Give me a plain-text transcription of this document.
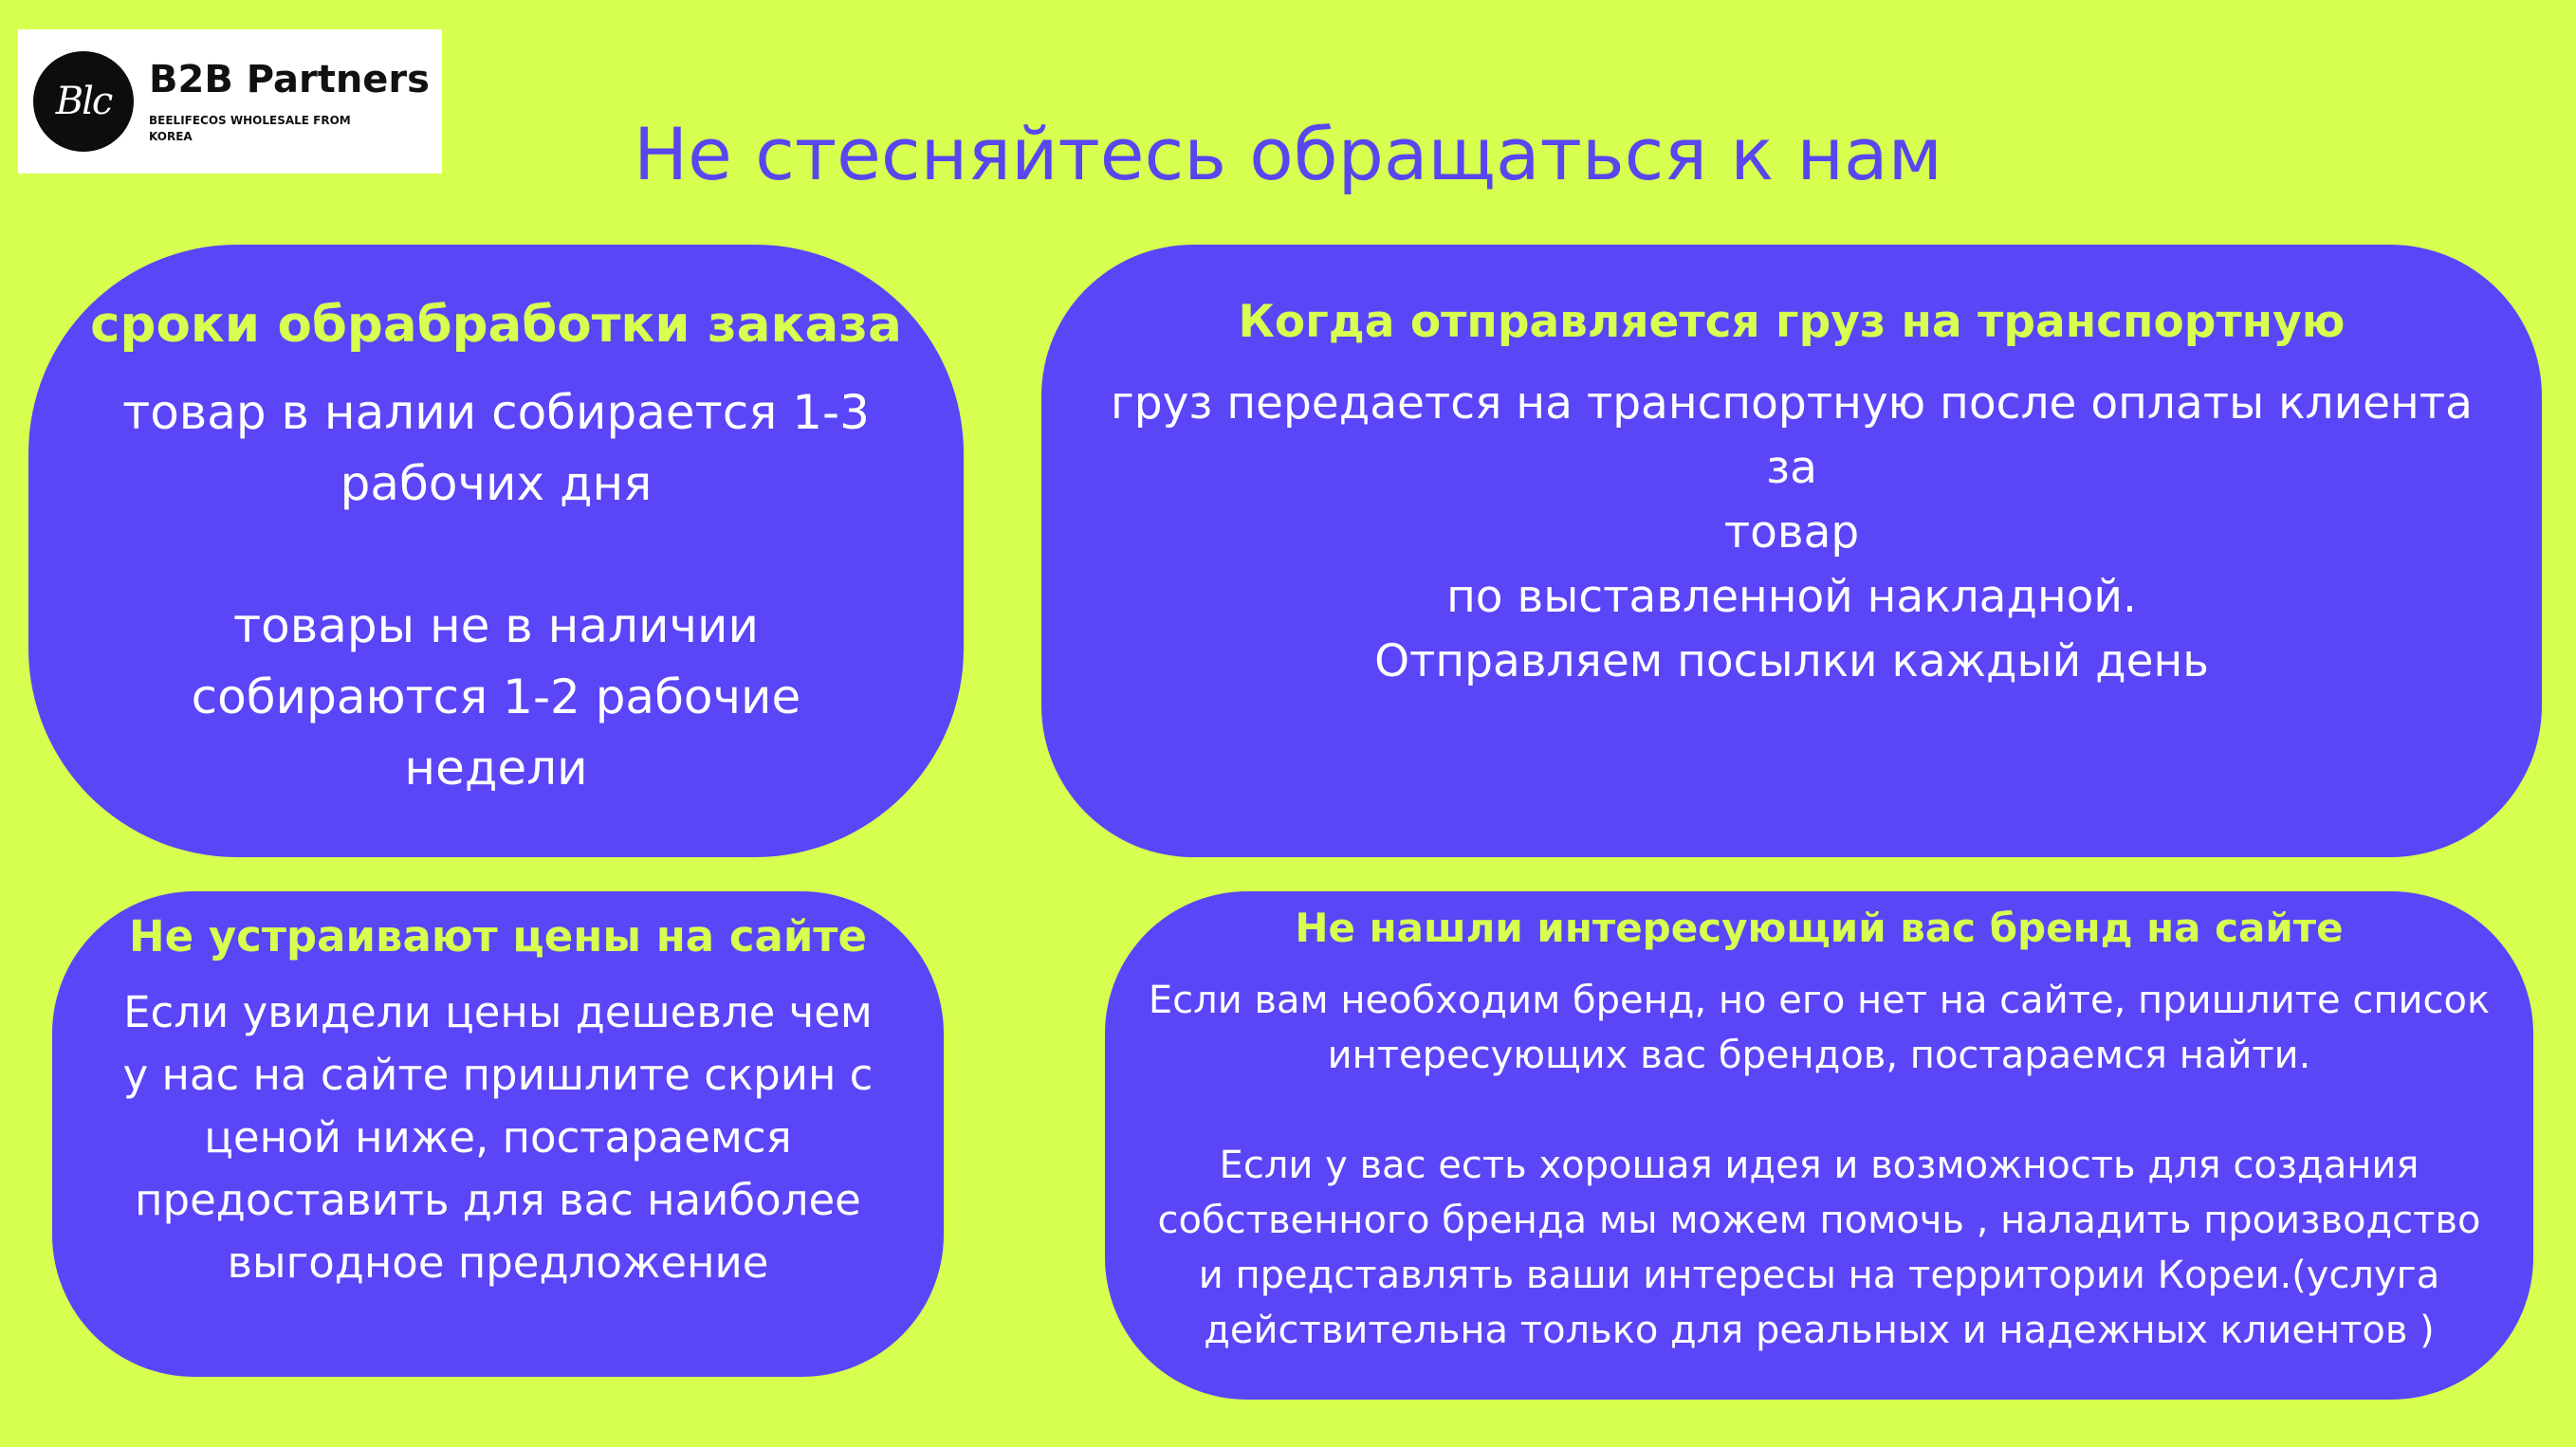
Blc B2B Partners
BEELIFECOS WHOLESALE FROM KOREA	Не стесняйтесь обращаться к нам
сроки обрабработки заказа

товар в налии собирается 1-3

рабочих дня

товары не в наличии

собираются 1-2 рабочие

недели

Когда отправляется груз на транспортную

груз передается на транспортную после оплаты клиента за

товар

по выставленной накладной.

Отправляем посылки каждый день

Не устраивают цены на сайте

Если увидели цены дешевле чем

у нас на сайте пришлите скрин с

ценой ниже, постараемся

предоставить для вас наиболее

выгодное предложение

Не нашли интересующий вас бренд на сайте

Если вам необходим бренд, но его нет на сайте, пришлите список

интересующих вас брендов, постараемся найти.

Если у вас есть хорошая идея и возможность для создания

собственного бренда мы можем помочь , наладить производство

и представлять ваши интересы на территории Кореи.(услуга

действительна только для реальных и надежных клиентов )
